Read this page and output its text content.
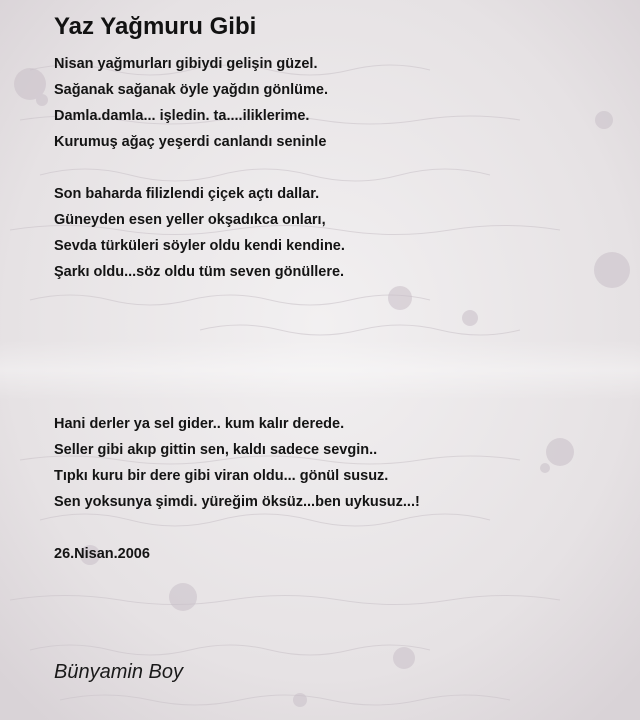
Yaz Yağmuru Gibi
Nisan yağmurları gibiydi gelişin güzel.
Sağanak sağanak öyle yağdın gönlüme.
Damla.damla... işledin. ta....iliklerime.
Kurumuş ağaç yeşerdi canlandı seninle
Son baharda filizlendi çiçek açtı dallar.
Güneyden esen yeller okşadıkca onları,
Sevda türküleri söyler oldu kendi kendine.
Şarkı oldu...söz oldu tüm seven gönüllere.
Hani derler ya sel gider.. kum kalır derede.
Seller gibi akıp gittin sen, kaldı sadece sevgin..
Tıpkı kuru bir dere gibi viran oldu... gönül susuz.
Sen yoksunya şimdi. yüreğim öksüz...ben uykusuz...!
26.Nisan.2006
Bünyamin Boy
